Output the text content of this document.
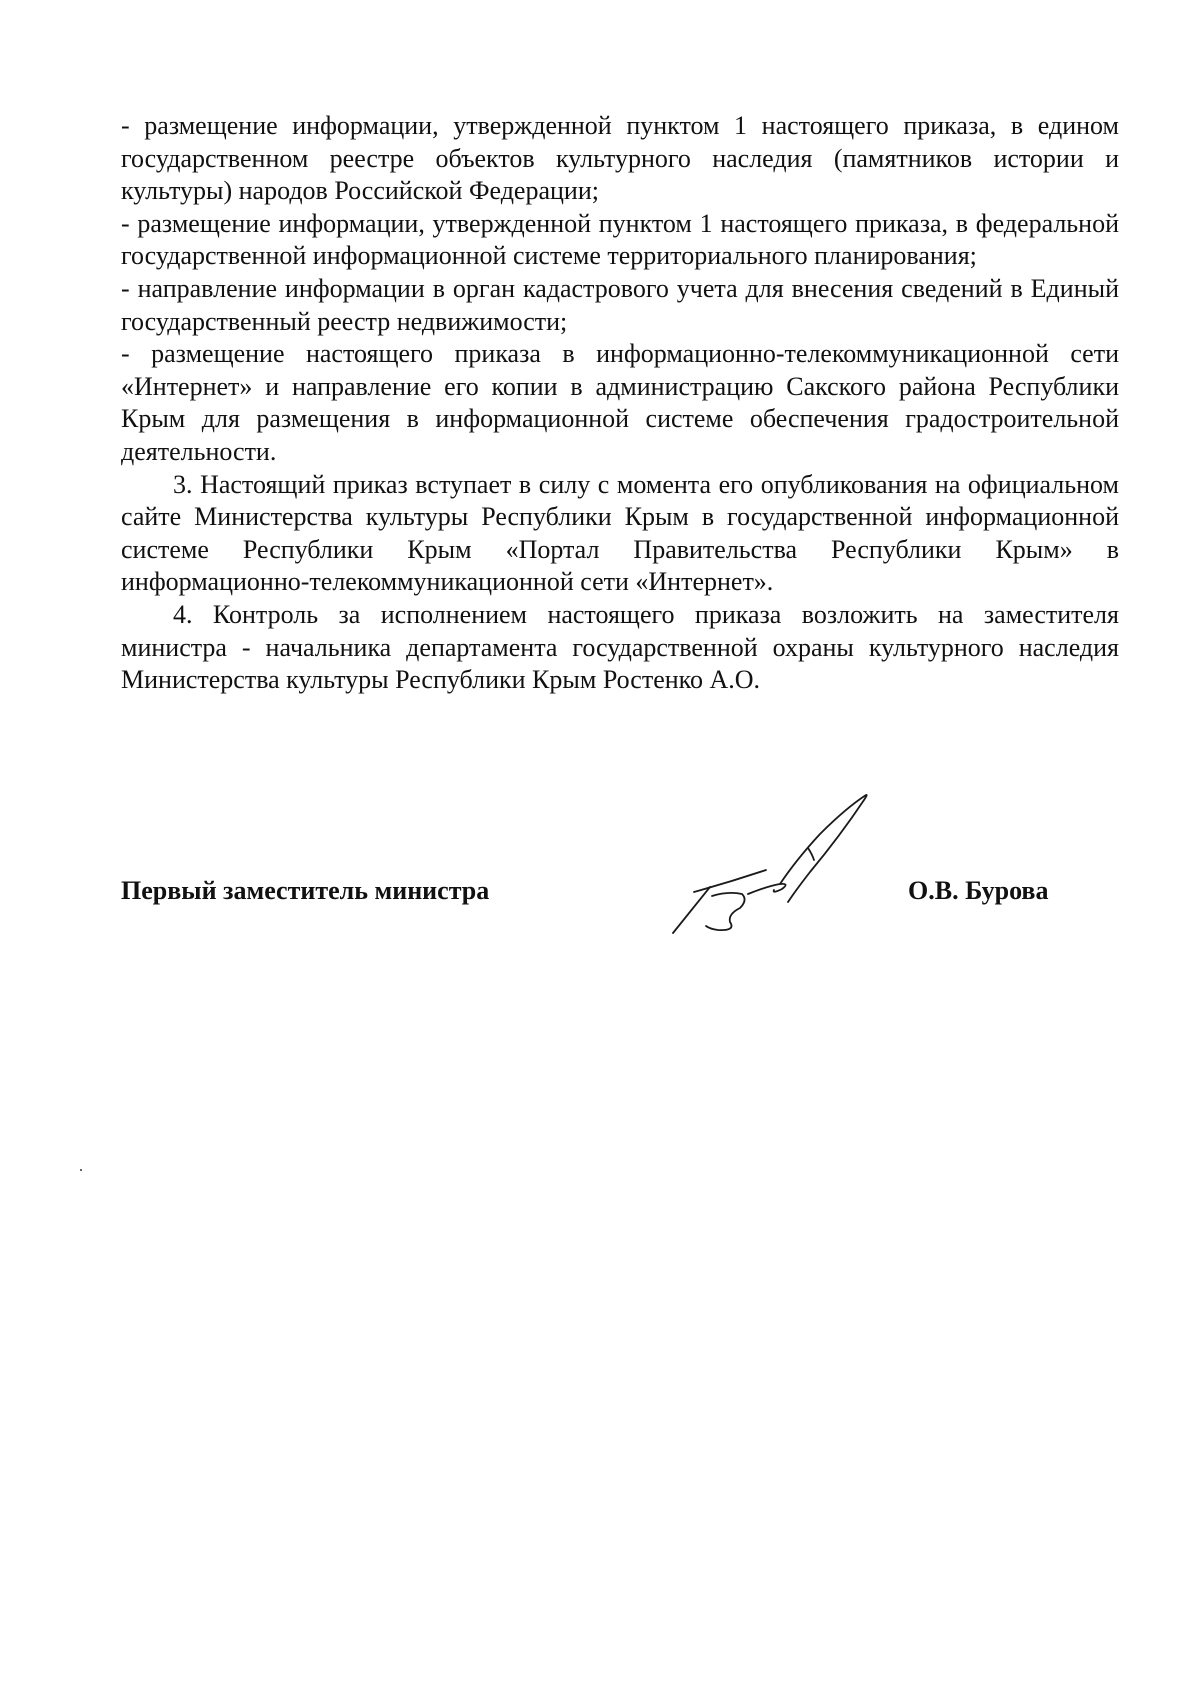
- размещение информации, утвержденной пунктом 1 настоящего приказа, в едином государственном реестре объектов культурного наследия (памятников истории и культуры) народов Российской Федерации;

- размещение информации, утвержденной пунктом 1 настоящего приказа, в федеральной государственной информационной системе территориального планирования;

- направление информации в орган кадастрового учета для внесения сведений в Единый государственный реестр недвижимости;

- размещение настоящего приказа в информационно-телекоммуникационной сети «Интернет» и направление его копии в администрацию Сакского района Республики Крым для размещения в информационной системе обеспечения градостроительной деятельности.

3. Настоящий приказ вступает в силу с момента его опубликования на официальном сайте Министерства культуры Республики Крым в государственной информационной системе Республики Крым «Портал Правительства Республики Крым» в информационно-телекоммуникационной сети «Интернет».

4. Контроль за исполнением настоящего приказа возложить на заместителя министра - начальника департамента государственной охраны культурного наследия Министерства культуры Республики Крым Ростенко А.О.

Первый заместитель министра	О.В. Бурова
